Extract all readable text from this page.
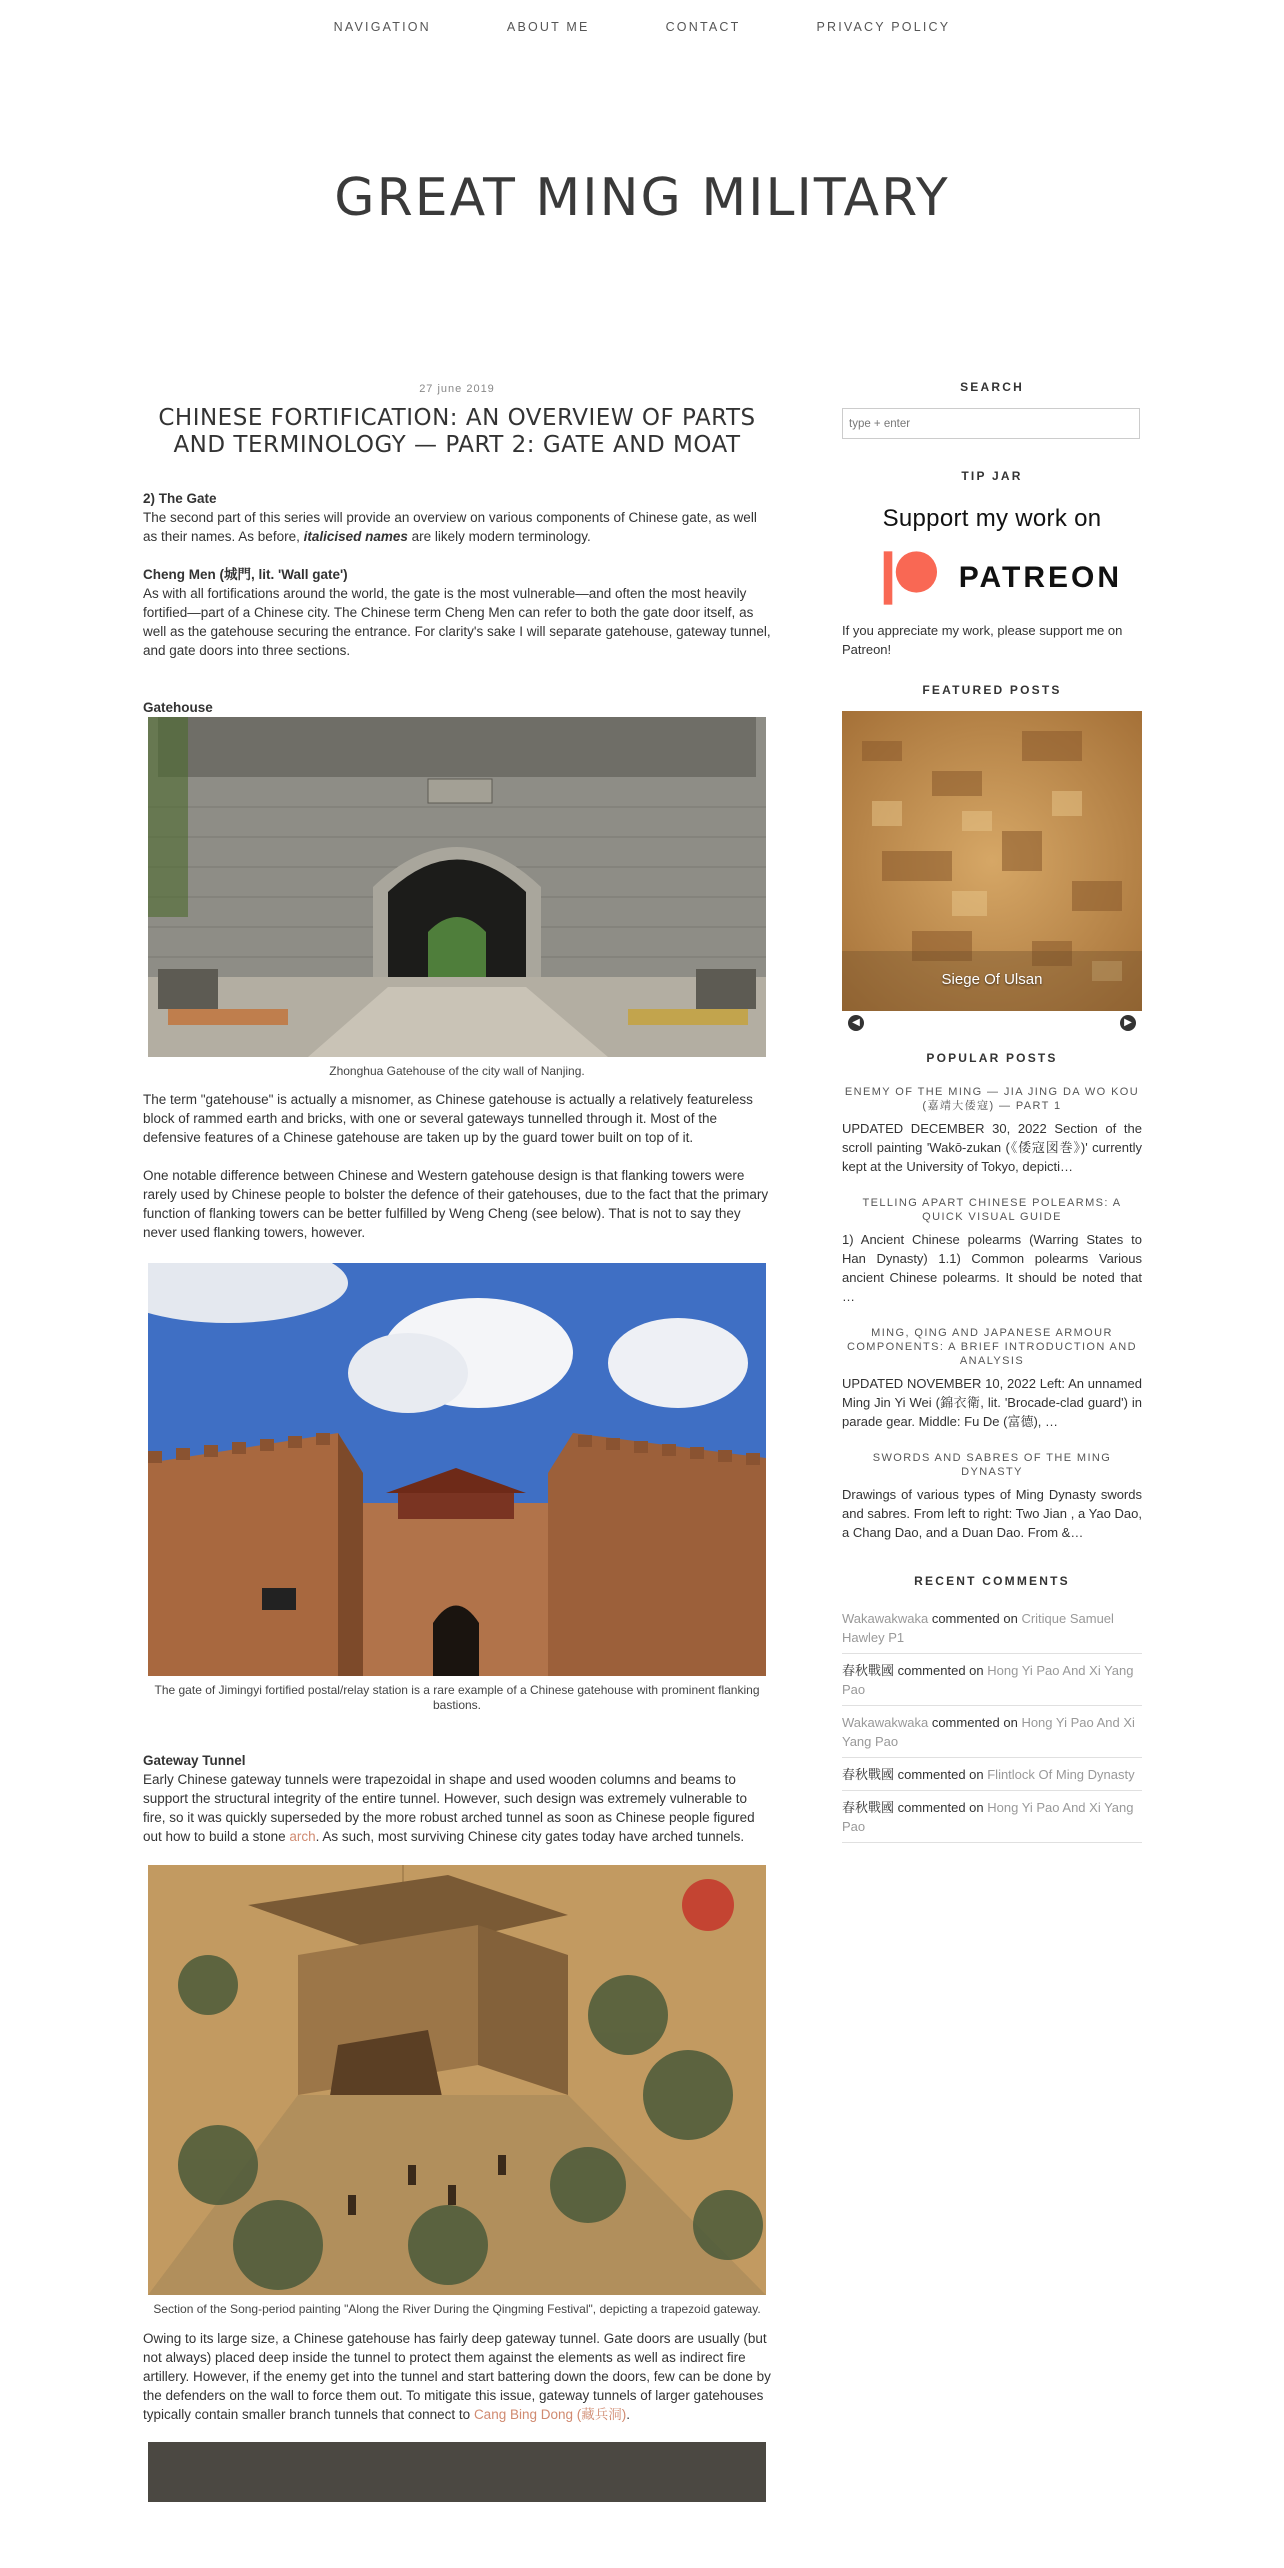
NAVIGATION	ABOUT ME	CONTACT	PRIVACY POLICY
GREAT MING MILITARY
27 june 2019
CHINESE FORTIFICATION: AN OVERVIEW OF PARTS AND TERMINOLOGY — PART 2: GATE AND MOAT

2) The Gate

The second part of this series will provide an overview on various components of Chinese gate, as well as their names. As before, italicised names are likely modern terminology.

Cheng Men (城門, lit. 'Wall gate')

As with all fortifications around the world, the gate is the most vulnerable—and often the most heavily fortified—part of a Chinese city. The Chinese term Cheng Men can refer to both the gate door itself, as well as the gatehouse securing the entrance. For clarity's sake I will separate gatehouse, gateway tunnel, and gate doors into three sections.

Gatehouse

Zhonghua Gatehouse of the city wall of Nanjing.

The term "gatehouse" is actually a misnomer, as Chinese gatehouse is actually a relatively featureless block of rammed earth and bricks, with one or several gateways tunnelled through it. Most of the defensive features of a Chinese gatehouse are taken up by the guard tower built on top of it.

One notable difference between Chinese and Western gatehouse design is that flanking towers were rarely used by Chinese people to bolster the defence of their gatehouses, due to the fact that the primary function of flanking towers can be better fulfilled by Weng Cheng (see below). That is not to say they never used flanking towers, however.

The gate of Jimingyi fortified postal/relay station is a rare example of a Chinese gatehouse with prominent flanking bastions.

Gateway Tunnel

Early Chinese gateway tunnels were trapezoidal in shape and used wooden columns and beams to support the structural integrity of the entire tunnel. However, such design was extremely vulnerable to fire, so it was quickly superseded by the more robust arched tunnel as soon as Chinese people figured out how to build a stone arch. As such, most surviving Chinese city gates today have arched tunnels.

Section of the Song-period painting "Along the River During the Qingming Festival", depicting a trapezoid gateway.

Owing to its large size, a Chinese gatehouse has fairly deep gateway tunnel. Gate doors are usually (but not always) placed deep inside the tunnel to protect them against the elements as well as indirect fire artillery. However, if the enemy get into the tunnel and start battering down the doors, few can be done by the defenders on the wall to force them out. To mitigate this issue, gateway tunnels of larger gatehouses typically contain smaller branch tunnels that connect to Cang Bing Dong (藏兵洞).

SEARCH
type + enter
TIP JAR
Support my work on
PATREON
If you appreciate my work, please support me on Patreon!
FEATURED POSTS
Siege Of Ulsan
◀	▶
POPULAR POSTS
ENEMY OF THE MING — JIA JING DA WO KOU (嘉靖大倭寇) — PART 1
UPDATED DECEMBER 30, 2022 Section of the scroll painting 'Wakō-zukan (《倭寇図巻》)' currently kept at the University of Tokyo, depicti…
TELLING APART CHINESE POLEARMS: A QUICK VISUAL GUIDE
1) Ancient Chinese polearms (Warring States to Han Dynasty) 1.1) Common polearms Various ancient Chinese polearms. It should be noted that …
MING, QING AND JAPANESE ARMOUR COMPONENTS: A BRIEF INTRODUCTION AND ANALYSIS
UPDATED NOVEMBER 10, 2022 Left: An unnamed Ming Jin Yi Wei (錦衣衛, lit. 'Brocade-clad guard') in parade gear. Middle: Fu De (富德), …
SWORDS AND SABRES OF THE MING DYNASTY
Drawings of various types of Ming Dynasty swords and sabres. From left to right: Two Jian , a Yao Dao, a Chang Dao, and a Duan Dao. From &…
RECENT COMMENTS
Wakawakwaka commented on Critique Samuel Hawley P1
春秋戰國 commented on Hong Yi Pao And Xi Yang Pao
Wakawakwaka commented on Hong Yi Pao And Xi Yang Pao
春秋戰國 commented on Flintlock Of Ming Dynasty
春秋戰國 commented on Hong Yi Pao And Xi Yang Pao
